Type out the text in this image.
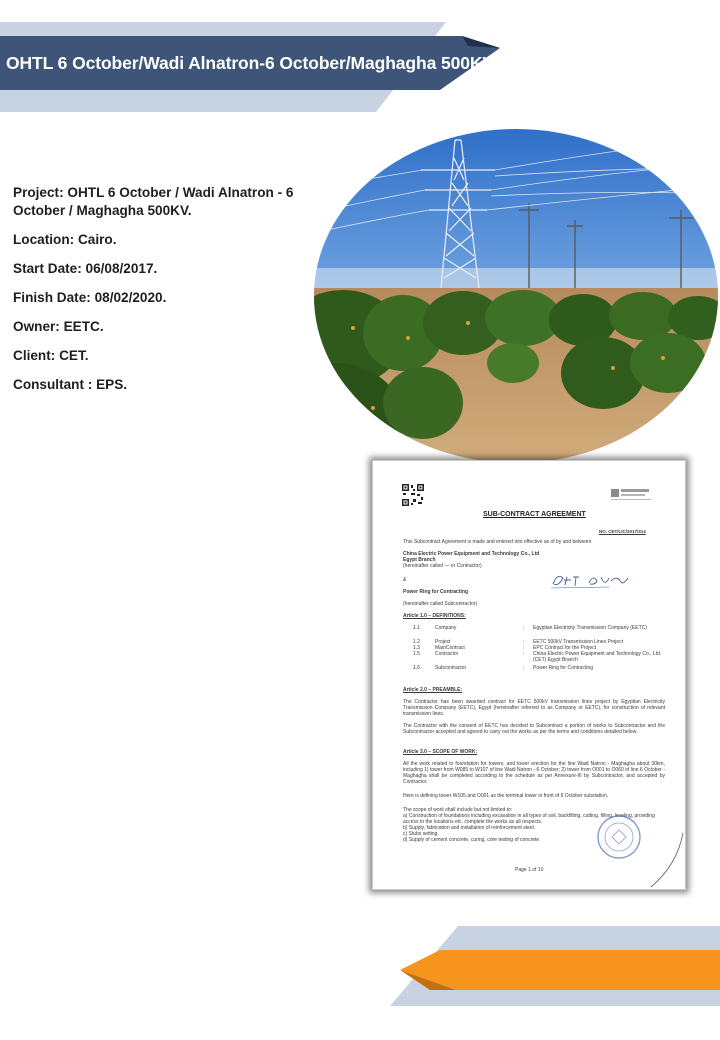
OHTL 6 October/Wadi Alnatron-6 October/Maghagha 500KV.
Project: OHTL 6 October / Wadi Alnatron - 6 October / Maghagha 500KV.
Location: Cairo.
Start Date: 06/08/2017.
Finish Date: 08/02/2020.
Owner: EETC.
Client: CET.
Consultant : EPS.
SUB-CONTRACT AGREEMENT
NO. CET/LIC/2017/314
This Subcontract Agreement is made and entered into effective as of by and between
China Electric Power Equipment and Technology Co., Ltd
Egypt Branch
(hereinafter called — or Contractor)
&
Power Ring for Contracting
(hereinafter called Subcontractor)
Article 1.0 – DEFINITIONS:
1.1	Company	: Egyptian Electricity Transmission Company (EETC)
1.2	Project	: EETC 500kV Transmission Lines Project
1.3	MainContract	: EPC Contract for the Project
1.5	Contractor	: China Electric Power Equipment and Technology Co., Ltd. (CET) Egypt Branch
1.6	Subcontractor	: Power Ring for Contracting
Article 2.0 – PREAMBLE:
The Contractor has been awarded contract for EETC 500kV transmission lines project by Egyptian Electricity Transmission Company (EETC), Egypt (hereinafter referred to as Company or EETC), for construction of relevant transmission lines.
The Contractor with the consent of EETC has decided to Subcontract a portion of works to Subcontractor and the Subcontractor accepted and agreed to carry out the works as per the terms and conditions detailed below.
Article 3.0 – SCOPE OF WORK:
All the work related to foundation for towers, and tower erection for the line Wadi Natron - Maghagha about 30km, including 1) tower from W085 to W107 of line Wadi Natron - 6 October; 2) tower from O001 to O060 of line 6 October - Maghagha shall be completed according to the schedule as per Annexure-III by Subcontractor, and accepted by Contractor.
Here is defining tower W105 and O001 as the terminal tower in front of 6 October substation.
The scope of work shall include but not limited to:
a) Construction of foundations including excavation in all types of soil, backfilling, cutting, filling, leveling, providing access to the locations etc. complete the works as all respects.
b) Supply, fabrication and installation of reinforcement steel.
c) Stubs setting.
d) Supply of cement concrete, curing, core testing of concrete
Page 1 of 10
